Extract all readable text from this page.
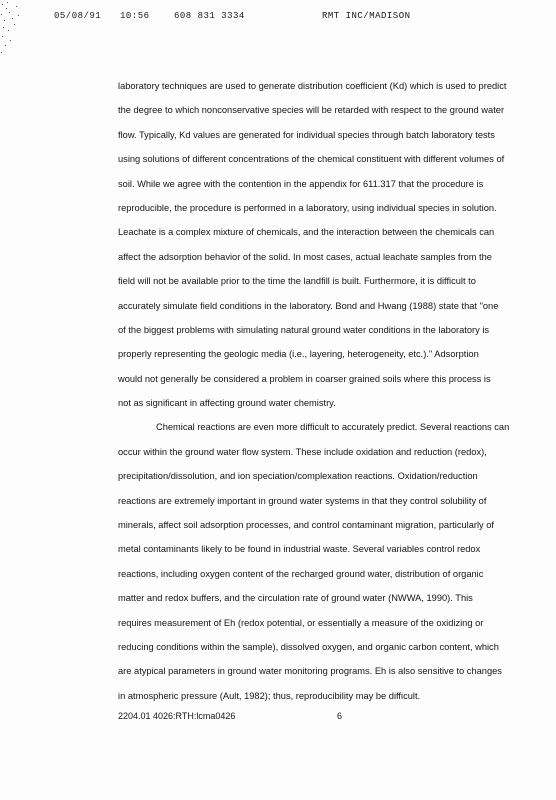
05/08/91 10:56	608 831 3334	RMT INC/MADISON
laboratory techniques are used to generate distribution coefficient (Kd) which is used to predict
the degree to which nonconservative species will be retarded with respect to the ground water
flow. Typically, Kd values are generated for individual species through batch laboratory tests
using solutions of different concentrations of the chemical constituent with different volumes of
soil. While we agree with the contention in the appendix for 611.317 that the procedure is
reproducible, the procedure is performed in a laboratory, using individual species in solution.
Leachate is a complex mixture of chemicals, and the interaction between the chemicals can
affect the adsorption behavior of the solid. In most cases, actual leachate samples from the
field will not be available prior to the time the landfill is built. Furthermore, it is difficult to
accurately simulate field conditions in the laboratory. Bond and Hwang (1988) state that "one
of the biggest problems with simulating natural ground water conditions in the laboratory is
properly representing the geologic media (i.e., layering, heterogeneity, etc.)." Adsorption
would not generally be considered a problem in coarser grained soils where this process is
not as significant in affecting ground water chemistry.
Chemical reactions are even more difficult to accurately predict. Several reactions can
occur within the ground water flow system. These include oxidation and reduction (redox),
precipitation/dissolution, and ion speciation/complexation reactions. Oxidation/reduction
reactions are extremely important in ground water systems in that they control solubility of
minerals, affect soil adsorption processes, and control contaminant migration, particularly of
metal contaminants likely to be found in industrial waste. Several variables control redox
reactions, including oxygen content of the recharged ground water, distribution of organic
matter and redox buffers, and the circulation rate of ground water (NWWA, 1990). This
requires measurement of Eh (redox potential, or essentially a measure of the oxidizing or
reducing conditions within the sample), dissolved oxygen, and organic carbon content, which
are atypical parameters in ground water monitoring programs. Eh is also sensitive to changes
in atmospheric pressure (Ault, 1982); thus, reproducibility may be difficult.
2204.01 4026:RTH:lcma0426	6
